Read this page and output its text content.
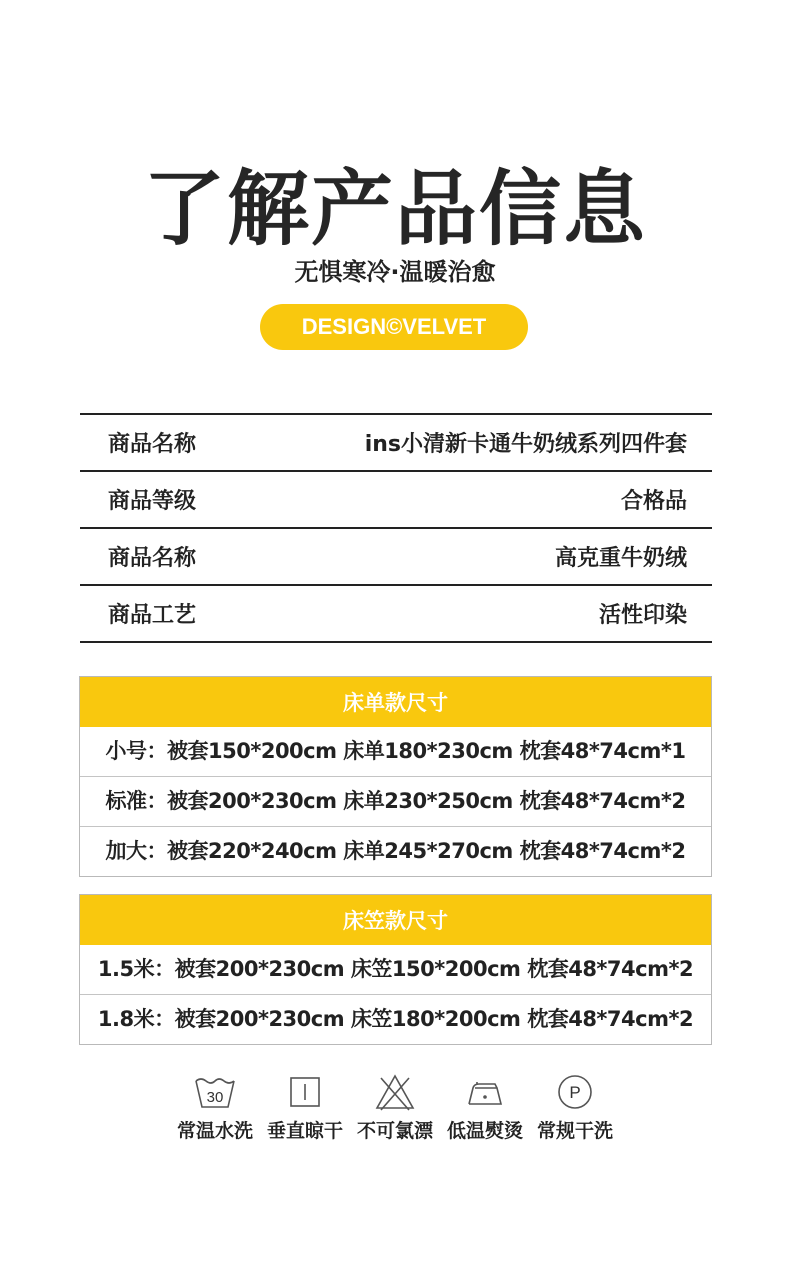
了解产品信息
无惧寒冷·温暖治愈
DESIGN©VELVET
商品名称	ins小清新卡通牛奶绒系列四件套
商品等级	合格品
商品名称	高克重牛奶绒
商品工艺	活性印染
床单款尺寸
小号：被套150*200cm 床单180*230cm 枕套48*74cm*1
标准：被套200*230cm 床单230*250cm 枕套48*74cm*2
加大：被套220*240cm 床单245*270cm 枕套48*74cm*2
床笠款尺寸
1.5米：被套200*230cm 床笠150*200cm 枕套48*74cm*2
1.8米：被套200*230cm 床笠180*200cm 枕套48*74cm*2
30
常温水洗 垂直晾干 不可氯漂 低温熨烫
P
常规干洗
